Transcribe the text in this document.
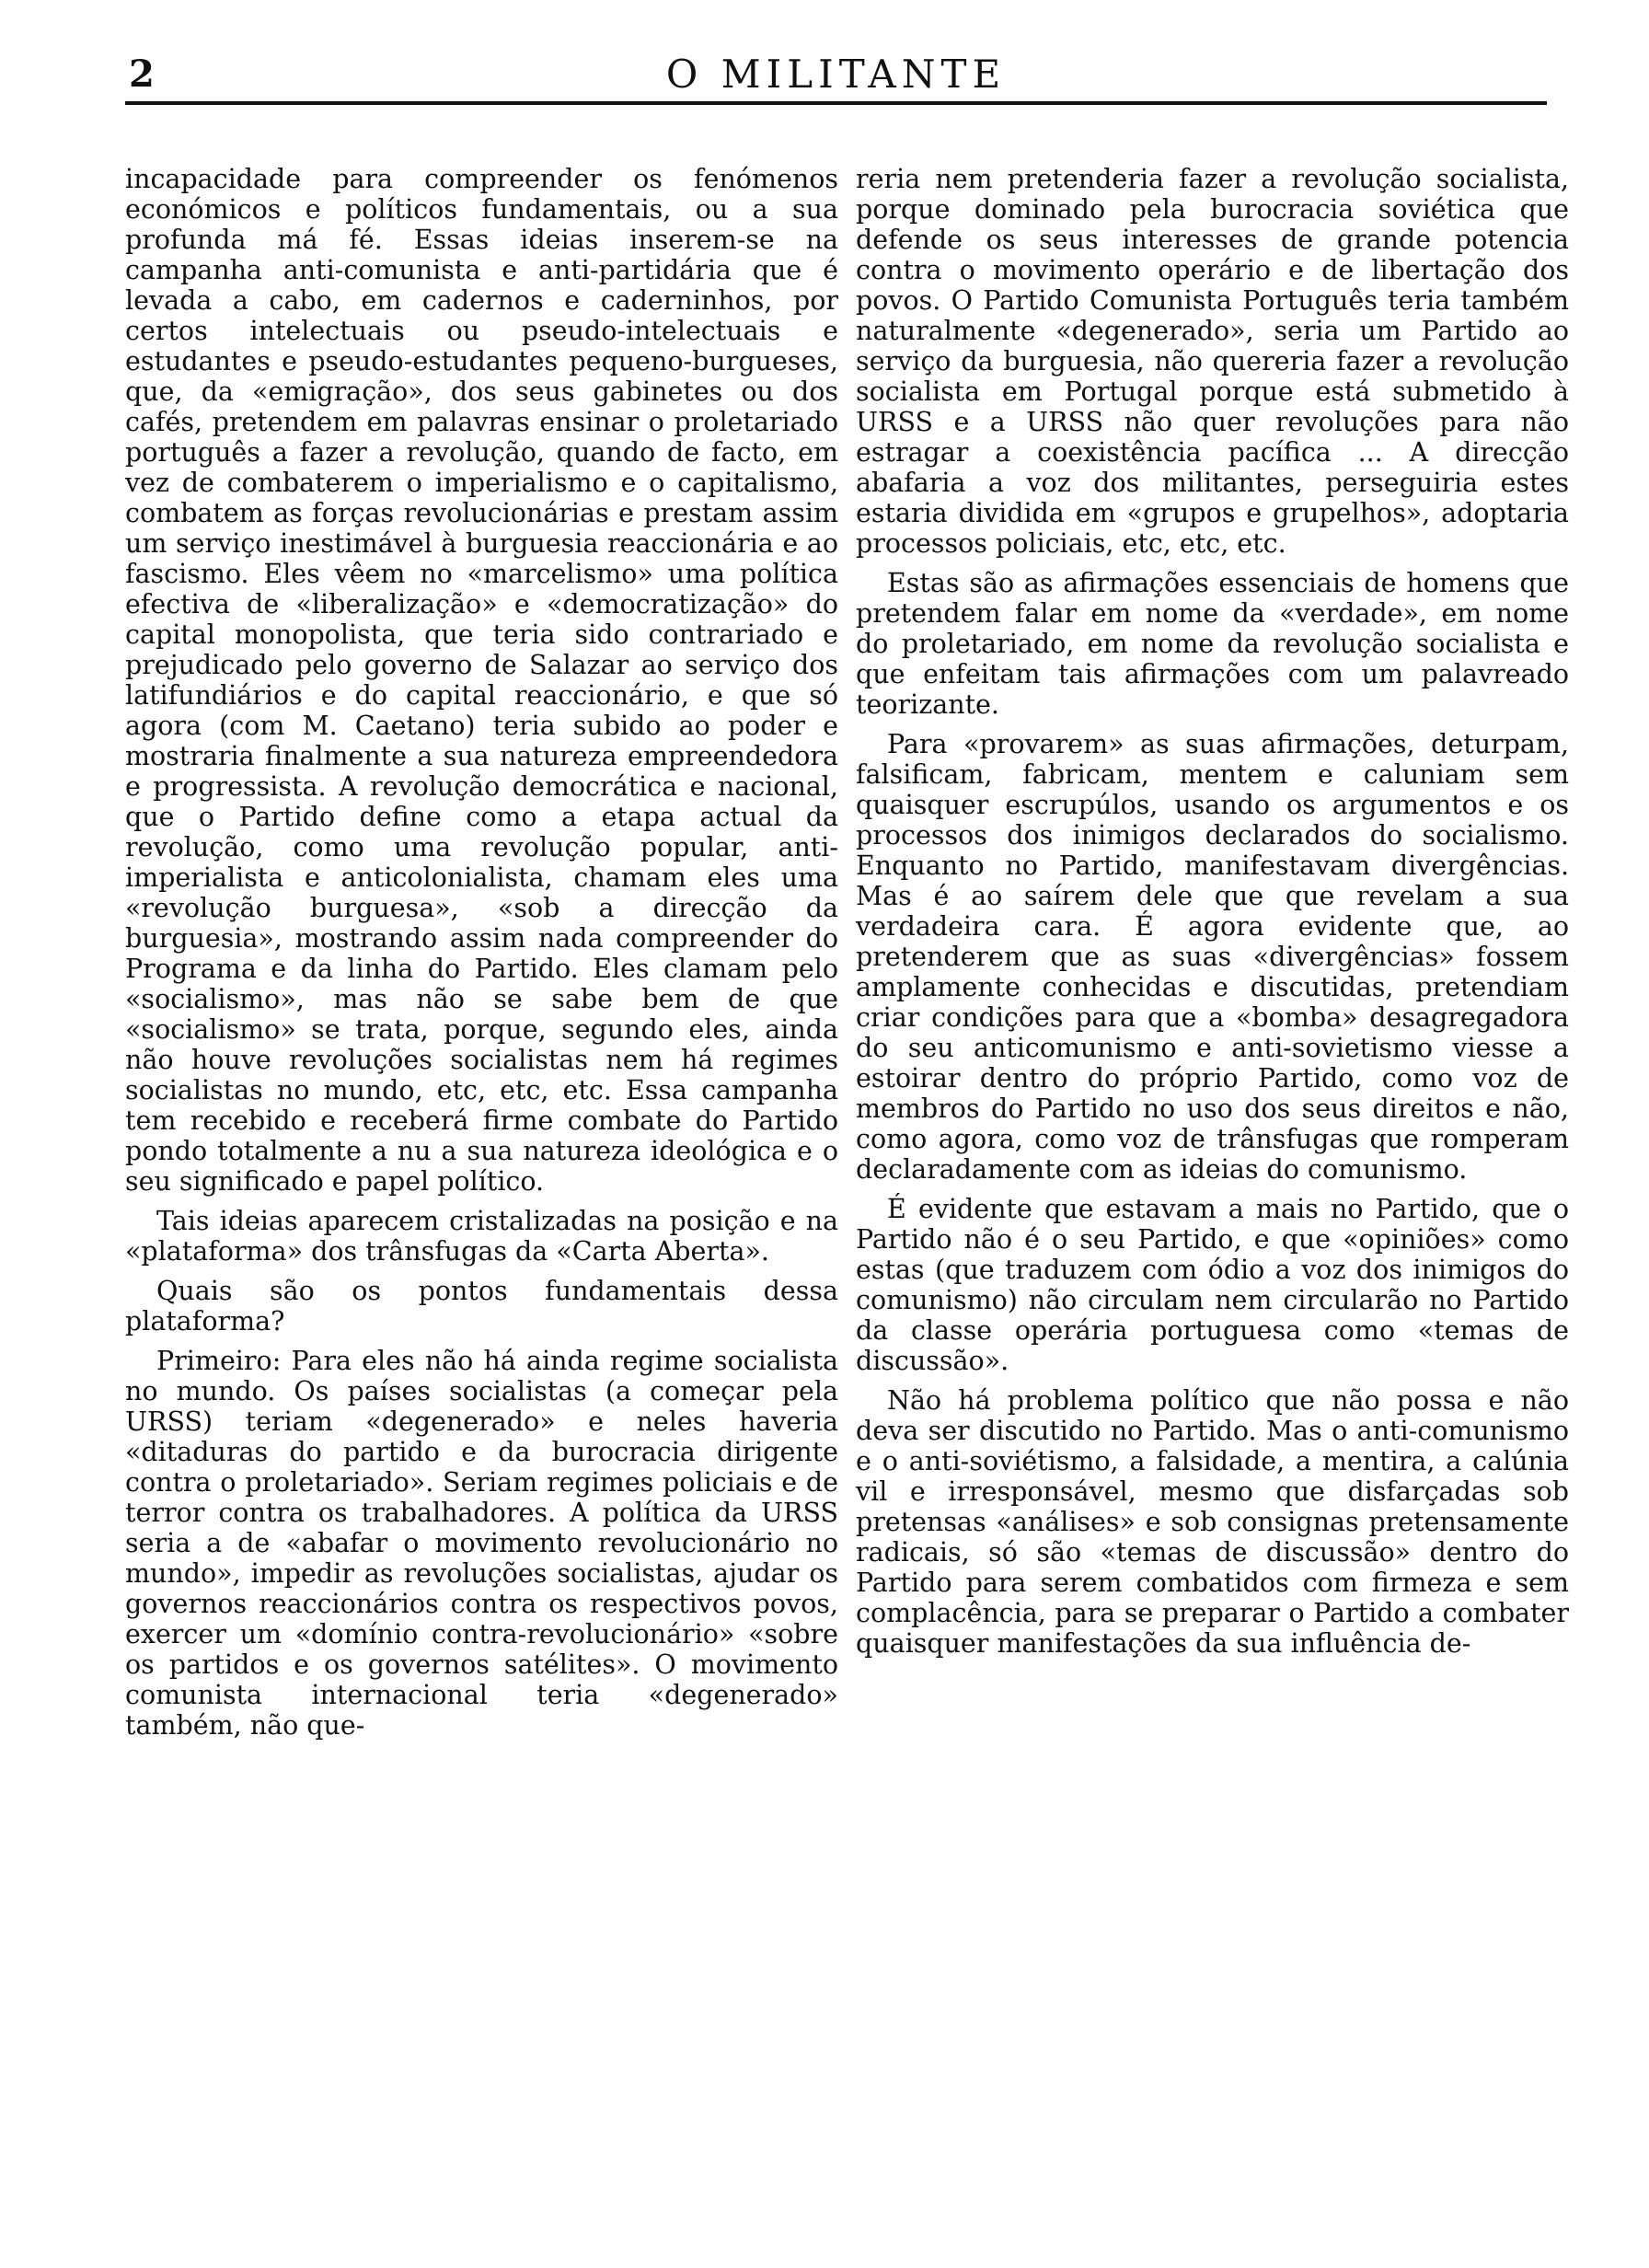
2	O MILITANTE

incapacidade para compreender os fenómenos económicos e políticos fundamentais, ou a sua profunda má fé. Essas ideias inserem-se na campanha anti-comunista e anti-partidária que é levada a cabo, em cadernos e caderninhos, por certos intelectuais ou pseudo-intelectuais e estudantes e pseudo-estudantes pequeno-burgueses, que, da «emigração», dos seus gabinetes ou dos cafés, pretendem em palavras ensinar o proletariado português a fazer a revolução, quando de facto, em vez de combaterem o imperialismo e o capitalismo, combatem as forças revolucionárias e prestam assim um serviço inestimável à burguesia reaccionária e ao fascismo. Eles vêem no «marcelismo» uma política efectiva de «liberalização» e «democratização» do capital monopolista, que teria sido contrariado e prejudicado pelo governo de Salazar ao serviço dos latifundiários e do capital reaccionário, e que só agora (com M. Caetano) teria subido ao poder e mostraria finalmente a sua natureza empreendedora e progressista. A revolução democrática e nacional, que o Partido define como a etapa actual da revolução, como uma revolução popular, anti-imperialista e anticolonialista, chamam eles uma «revolução burguesa», «sob a direcção da burguesia», mostrando assim nada compreender do Programa e da linha do Partido. Eles clamam pelo «socialismo», mas não se sabe bem de que «socialismo» se trata, porque, segundo eles, ainda não houve revoluções socialistas nem há regimes socialistas no mundo, etc, etc, etc. Essa campanha tem recebido e receberá firme combate do Partido pondo totalmente a nu a sua natureza ideológica e o seu significado e papel político.

Tais ideias aparecem cristalizadas na posição e na «plataforma» dos trânsfugas da «Carta Aberta».

Quais são os pontos fundamentais dessa plataforma?

Primeiro: Para eles não há ainda regime socialista no mundo. Os países socialistas (a começar pela URSS) teriam «degenerado» e neles haveria «ditaduras do partido e da burocracia dirigente contra o proletariado». Seriam regimes policiais e de terror contra os trabalhadores. A política da URSS seria a de «abafar o movimento revolucionário no mundo», impedir as revoluções socialistas, ajudar os governos reaccionários contra os respectivos povos, exercer um «domínio contra-revolucionário» «sobre os partidos e os governos satélites». O movimento comunista internacional teria «degenerado» também, não que-

reria nem pretenderia fazer a revolução socialista, porque dominado pela burocracia soviética que defende os seus interesses de grande potencia contra o movimento operário e de libertação dos povos. O Partido Comunista Português teria também naturalmente «degenerado», seria um Partido ao serviço da burguesia, não quereria fazer a revolução socialista em Portugal porque está submetido à URSS e a URSS não quer revoluções para não estragar a coexistência pacífica ... A direcção abafaria a voz dos militantes, perseguiria estes estaria dividida em «grupos e grupelhos», adoptaria processos policiais, etc, etc, etc.

Estas são as afirmações essenciais de homens que pretendem falar em nome da «verdade», em nome do proletariado, em nome da revolução socialista e que enfeitam tais afirmações com um palavreado teorizante.

Para «provarem» as suas afirmações, deturpam, falsificam, fabricam, mentem e caluniam sem quaisquer escrupúlos, usando os argumentos e os processos dos inimigos declarados do socialismo. Enquanto no Partido, manifestavam divergências. Mas é ao saírem dele que que revelam a sua verdadeira cara. É agora evidente que, ao pretenderem que as suas «divergências» fossem amplamente conhecidas e discutidas, pretendiam criar condições para que a «bomba» desagregadora do seu anticomunismo e anti-sovietismo viesse a estoirar dentro do próprio Partido, como voz de membros do Partido no uso dos seus direitos e não, como agora, como voz de trânsfugas que romperam declaradamente com as ideias do comunismo.

É evidente que estavam a mais no Partido, que o Partido não é o seu Partido, e que «opiniões» como estas (que traduzem com ódio a voz dos inimigos do comunismo) não circulam nem circularão no Partido da classe operária portuguesa como «temas de discussão».

Não há problema político que não possa e não deva ser discutido no Partido. Mas o anti-comunismo e o anti-soviétismo, a falsidade, a mentira, a calúnia vil e irresponsável, mesmo que disfarçadas sob pretensas «análises» e sob consignas pretensamente radicais, só são «temas de discussão» dentro do Partido para serem combatidos com firmeza e sem complacência, para se preparar o Partido a combater quaisquer manifestações da sua influência de-
